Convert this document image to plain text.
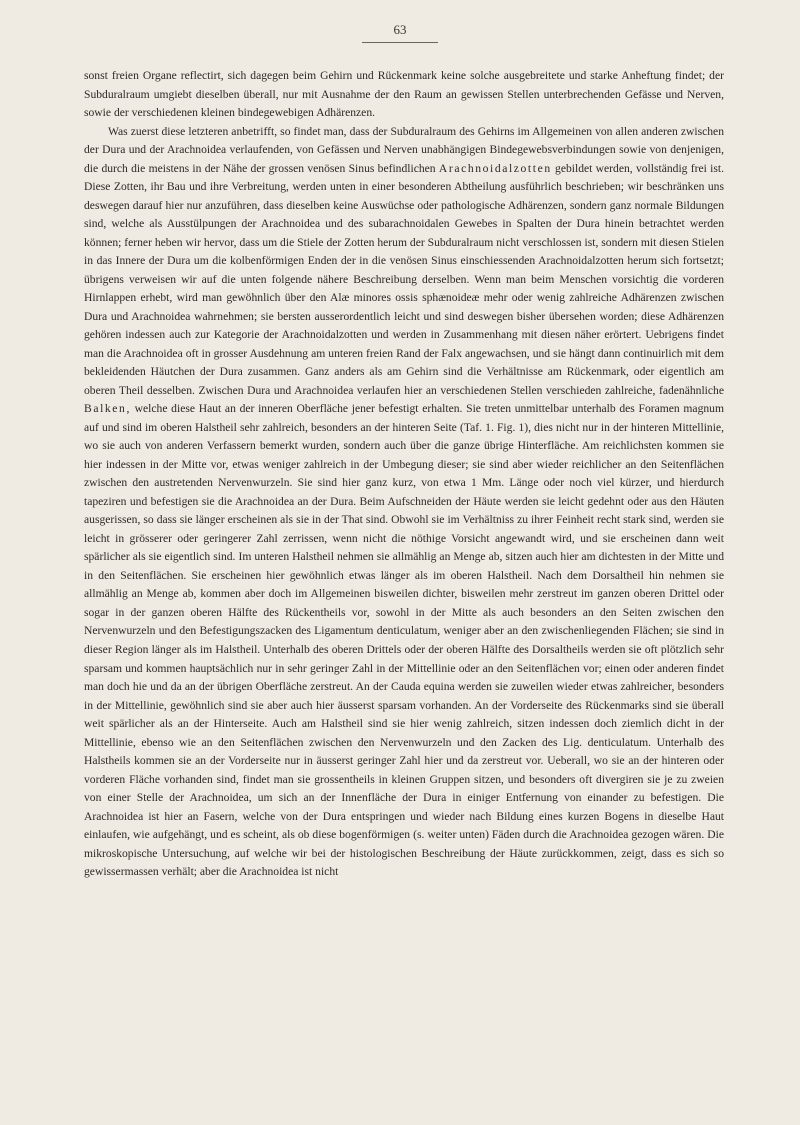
63

sonst freien Organe reflectirt, sich dagegen beim Gehirn und Rückenmark keine solche ausgebreitete und starke Anheftung findet; der Subduralraum umgiebt dieselben überall, nur mit Ausnahme der den Raum an gewissen Stellen unterbrechenden Gefässe und Nerven, sowie der verschiedenen kleinen bindegewebigen Adhärenzen.

Was zuerst diese letzteren anbetrifft, so findet man, dass der Subduralraum des Gehirns im Allgemeinen von allen anderen zwischen der Dura und der Arachnoidea verlaufenden, von Gefässen und Nerven unabhängigen Bindegewebsverbindungen sowie von denjenigen, die durch die meistens in der Nähe der grossen venösen Sinus befindlichen Arachnoidalzotten gebildet werden, vollständig frei ist. Diese Zotten, ihr Bau und ihre Verbreitung, werden unten in einer besonderen Abtheilung ausführlich beschrieben; wir beschränken uns deswegen darauf hier nur anzuführen, dass dieselben keine Auswüchse oder pathologische Adhärenzen, sondern ganz normale Bildungen sind, welche als Ausstülpungen der Arachnoidea und des subarachnoidalen Gewebes in Spalten der Dura hinein betrachtet werden können; ferner heben wir hervor, dass um die Stiele der Zotten herum der Subduralraum nicht verschlossen ist, sondern mit diesen Stielen in das Innere der Dura um die kolbenförmigen Enden der in die venösen Sinus einschiessenden Arachnoidalzotten herum sich fortsetzt; übrigens verweisen wir auf die unten folgende nähere Beschreibung derselben. Wenn man beim Menschen vorsichtig die vorderen Hirnlappen erhebt, wird man gewöhnlich über den Alæ minores ossis sphænoideæ mehr oder wenig zahlreiche Adhärenzen zwischen Dura und Arachnoidea wahrnehmen; sie bersten ausserordentlich leicht und sind deswegen bisher übersehen worden; diese Adhärenzen gehören indessen auch zur Kategorie der Arachnoidalzotten und werden in Zusammenhang mit diesen näher erörtert. Uebrigens findet man die Arachnoidea oft in grosser Ausdehnung am unteren freien Rand der Falx angewachsen, und sie hängt dann continuirlich mit dem bekleidenden Häutchen der Dura zusammen. Ganz anders als am Gehirn sind die Verhältnisse am Rückenmark, oder eigentlich am oberen Theil desselben. Zwischen Dura und Arachnoidea verlaufen hier an verschiedenen Stellen verschieden zahlreiche, fadenähnliche Balken, welche diese Haut an der inneren Oberfläche jener befestigt erhalten. Sie treten unmittelbar unterhalb des Foramen magnum auf und sind im oberen Halstheil sehr zahlreich, besonders an der hinteren Seite (Taf. 1. Fig. 1), dies nicht nur in der hinteren Mittellinie, wo sie auch von anderen Verfassern bemerkt wurden, sondern auch über die ganze übrige Hinterfläche. Am reichlichsten kommen sie hier indessen in der Mitte vor, etwas weniger zahlreich in der Umbegung dieser; sie sind aber wieder reichlicher an den Seitenflächen zwischen den austretenden Nervenwurzeln. Sie sind hier ganz kurz, von etwa 1 Mm. Länge oder noch viel kürzer, und hierdurch tapeziren und befestigen sie die Arachnoidea an der Dura. Beim Aufschneiden der Häute werden sie leicht gedehnt oder aus den Häuten ausgerissen, so dass sie länger erscheinen als sie in der That sind. Obwohl sie im Verhältniss zu ihrer Feinheit recht stark sind, werden sie leicht in grösserer oder geringerer Zahl zerrissen, wenn nicht die nöthige Vorsicht angewandt wird, und sie erscheinen dann weit spärlicher als sie eigentlich sind. Im unteren Halstheil nehmen sie allmählig an Menge ab, sitzen auch hier am dichtesten in der Mitte und in den Seitenflächen. Sie erscheinen hier gewöhnlich etwas länger als im oberen Halstheil. Nach dem Dorsaltheil hin nehmen sie allmählig an Menge ab, kommen aber doch im Allgemeinen bisweilen dichter, bisweilen mehr zerstreut im ganzen oberen Drittel oder sogar in der ganzen oberen Hälfte des Rückentheils vor, sowohl in der Mitte als auch besonders an den Seiten zwischen den Nervenwurzeln und den Befestigungszacken des Ligamentum denticulatum, weniger aber an den zwischenliegenden Flächen; sie sind in dieser Region länger als im Halstheil. Unterhalb des oberen Drittels oder der oberen Hälfte des Dorsaltheils werden sie oft plötzlich sehr sparsam und kommen hauptsächlich nur in sehr geringer Zahl in der Mittellinie oder an den Seitenflächen vor; einen oder anderen findet man doch hie und da an der übrigen Oberfläche zerstreut. An der Cauda equina werden sie zuweilen wieder etwas zahlreicher, besonders in der Mittellinie, gewöhnlich sind sie aber auch hier äusserst sparsam vorhanden. An der Vorderseite des Rückenmarks sind sie überall weit spärlicher als an der Hinterseite. Auch am Halstheil sind sie hier wenig zahlreich, sitzen indessen doch ziemlich dicht in der Mittellinie, ebenso wie an den Seitenflächen zwischen den Nervenwurzeln und den Zacken des Lig. denticulatum. Unterhalb des Halstheils kommen sie an der Vorderseite nur in äusserst geringer Zahl hier und da zerstreut vor. Ueberall, wo sie an der hinteren oder vorderen Fläche vorhanden sind, findet man sie grossentheils in kleinen Gruppen sitzen, und besonders oft divergiren sie je zu zweien von einer Stelle der Arachnoidea, um sich an der Innenfläche der Dura in einiger Entfernung von einander zu befestigen. Die Arachnoidea ist hier an Fasern, welche von der Dura entspringen und wieder nach Bildung eines kurzen Bogens in dieselbe Haut einlaufen, wie aufgehängt, und es scheint, als ob diese bogenförmigen (s. weiter unten) Fäden durch die Arachnoidea gezogen wären. Die mikroskopische Untersuchung, auf welche wir bei der histologischen Beschreibung der Häute zurückkommen, zeigt, dass es sich so gewissermassen verhält; aber die Arachnoidea ist nicht
